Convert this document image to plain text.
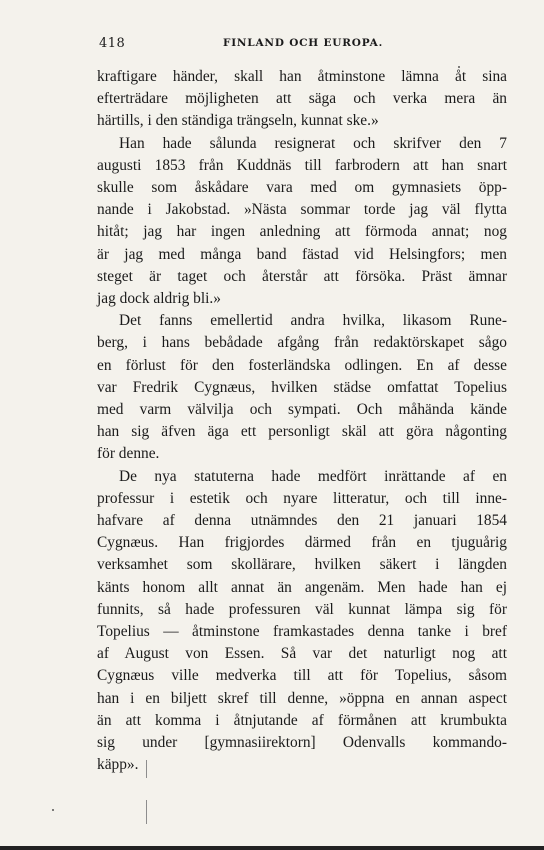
418	FINLAND OCH EUROPA.
kraftigare händer, skall han åtminstone lämna åt sina
efterträdare möjligheten att säga och verka mera än
härtills, i den ständiga trängseln, kunnat ske.»
Han hade sålunda resignerat och skrifver den 7
augusti 1853 från Kuddnäs till farbrodern att han snart
skulle som åskådare vara med om gymnasiets öpp-
nande i Jakobstad. »Nästa sommar torde jag väl flytta
hitåt; jag har ingen anledning att förmoda annat; nog
är jag med många band fästad vid Helsingfors; men
steget är taget och återstår att försöka. Präst ämnar
jag dock aldrig bli.»
Det fanns emellertid andra hvilka, likasom Rune-
berg, i hans bebådade afgång från redaktörskapet sågo
en förlust för den fosterländska odlingen. En af desse
var Fredrik Cygnæus, hvilken städse omfattat Topelius
med varm välvilja och sympati. Och måhända kände
han sig äfven äga ett personligt skäl att göra någonting
för denne.
De nya statuterna hade medfört inrättande af en
professur i estetik och nyare litteratur, och till inne-
hafvare af denna utnämndes den 21 januari 1854
Cygnæus. Han frigjordes därmed från en tjuguårig
verksamhet som skollärare, hvilken säkert i längden
känts honom allt annat än angenäm. Men hade han ej
funnits, så hade professuren väl kunnat lämpa sig för
Topelius — åtminstone framkastades denna tanke i bref
af August von Essen. Så var det naturligt nog att
Cygnæus ville medverka till att för Topelius, såsom
han i en biljett skref till denne, »öppna en annan aspect
än att komma i åtnjutande af förmånen att krumbukta
sig under [gymnasiirektorn] Odenvalls kommando-
käpp».
